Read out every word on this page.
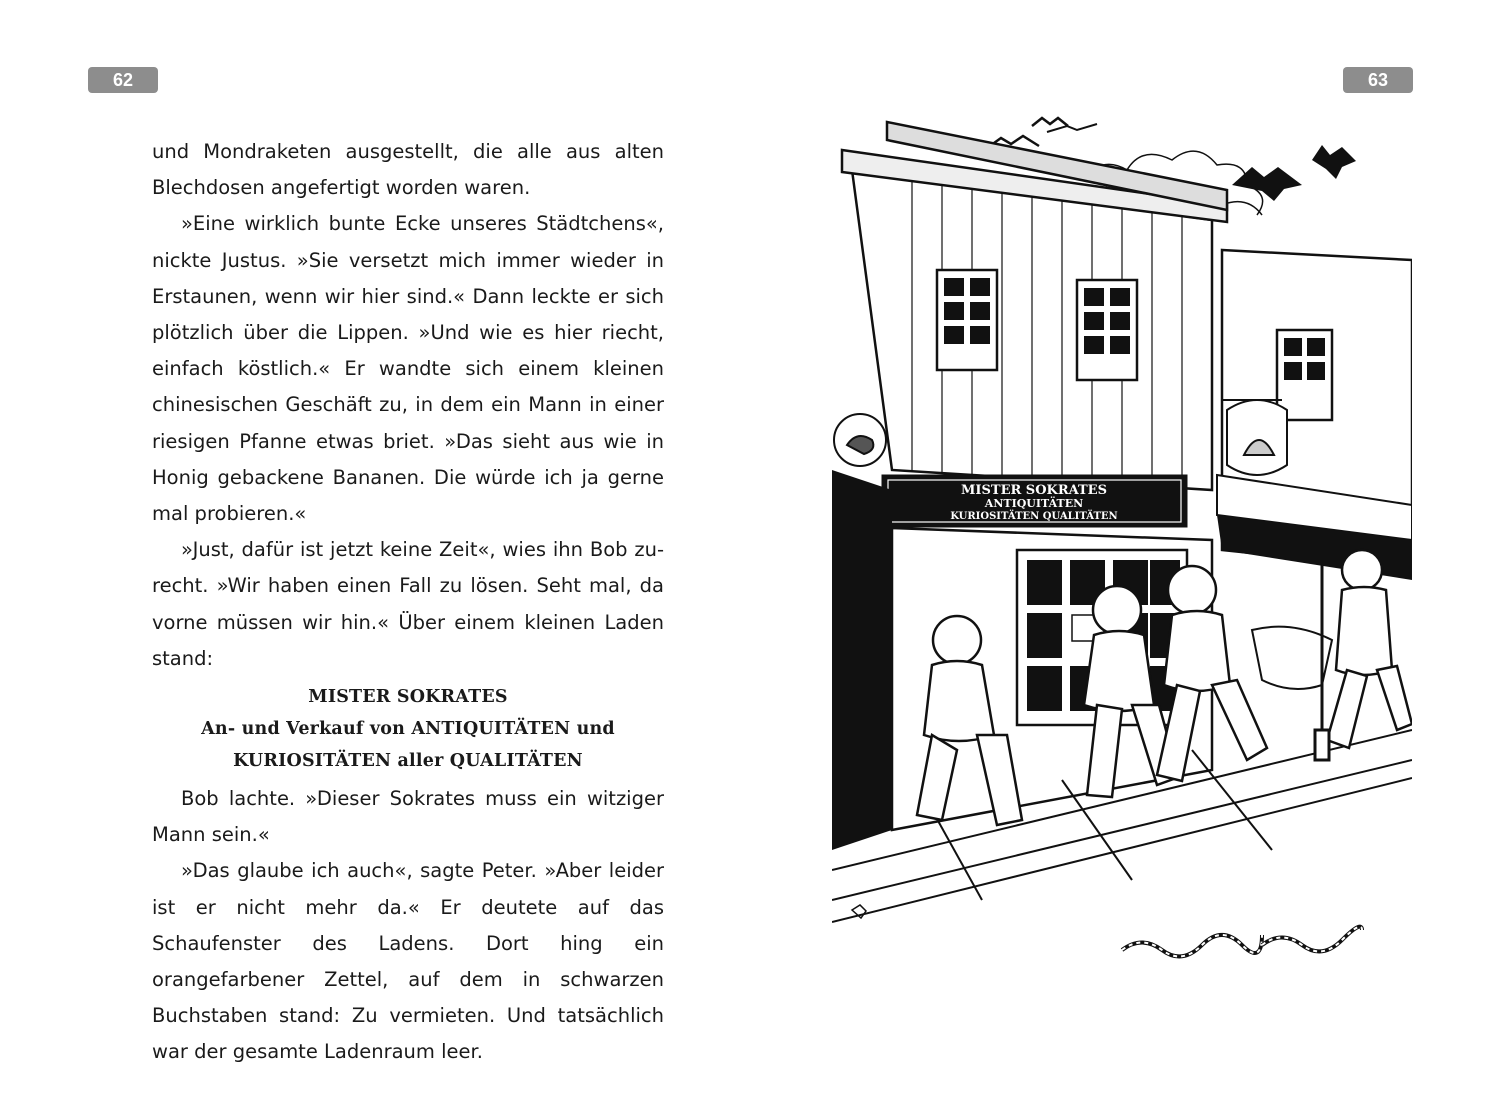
62	63

und Mondraketen ausgestellt, die alle aus alten Blechdosen angefertigt worden waren.

»Eine wirklich bunte Ecke unseres Städtchens«, nickte Justus. »Sie versetzt mich immer wieder in Erstaunen, wenn wir hier sind.« Dann leckte er sich plötzlich über die Lippen. »Und wie es hier riecht, einfach köstlich.« Er wandte sich einem kleinen chinesischen Geschäft zu, in dem ein Mann in einer riesigen Pfanne etwas briet. »Das sieht aus wie in Honig gebackene Bananen. Die würde ich ja gerne mal probieren.«

»Just, dafür ist jetzt keine Zeit«, wies ihn Bob zurecht. »Wir haben einen Fall zu lösen. Seht mal, da vorne müssen wir hin.« Über einem kleinen Laden stand:

MISTER SOKRATES
An- und Verkauf von ANTIQUITÄTEN und
KURIOSITÄTEN aller QUALITÄTEN

Bob lachte. »Dieser Sokrates muss ein witziger Mann sein.«

»Das glaube ich auch«, sagte Peter. »Aber leider ist er nicht mehr da.« Er deutete auf das Schaufenster des Ladens. Dort hing ein orangefarbener Zettel, auf dem in schwarzen Buchstaben stand: Zu vermieten. Und tatsächlich war der gesamte Ladenraum leer.

MISTER SOKRATES
ANTIQUITÄTEN
KURIOSITÄTEN QUALITÄTEN
